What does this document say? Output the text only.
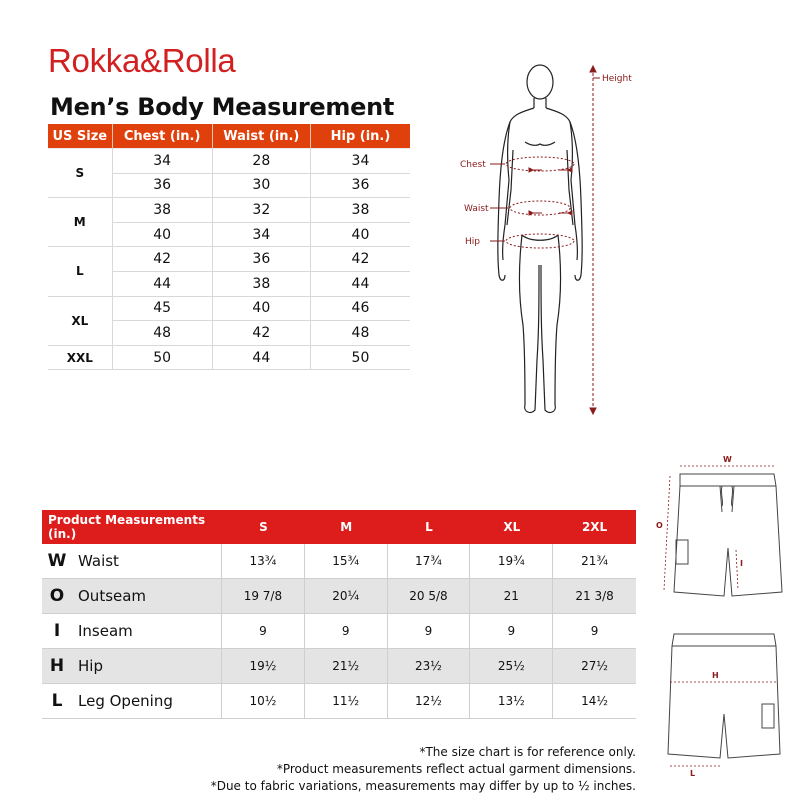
Rokka&Rolla
Men’s Body Measurement
US Size	Chest (in.)	Waist (in.)	Hip (in.)
S	34	28	34
	36	30	36
M	38	32	38
	40	34	40
L	42	36	42
	44	38	44
XL	45	40	46
	48	42	48
XXL	50	44	50
Height
Chest
Waist
Hip
Product Measurements (in.)	S	M	L	XL	2XL
W Waist	13¾	15¾	17¾	19¾	21¾
O Outseam	19 7/8	20¼	20 5/8	21	21 3/8
I	Inseam	9	9	9	9	9
H Hip	19½	21½	23½	25½	27½
L	Leg Opening	10½	11½	12½	13½	14½
W
O
I
H
L
*The size chart is for reference only.
*Product measurements reflect actual garment dimensions.
*Due to fabric variations, measurements may differ by up to ½ inches.
